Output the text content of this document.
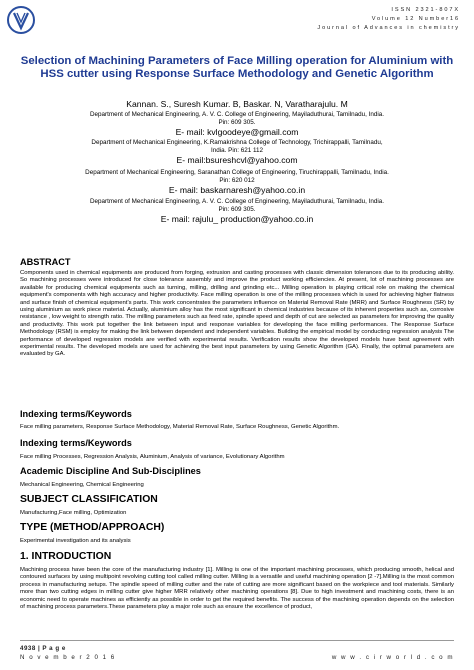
ISSN 2321-807X
Volume 12 Number16
Journal of Advances in chemistry
Selection of Machining Parameters of Face Milling operation for Aluminium with HSS cutter using Response Surface Methodology and Genetic Algorithm
Kannan. S., Suresh Kumar. B, Baskar. N, Varatharajulu. M
Department of Mechanical Engineering, A. V. C. College of Engineering, Mayiladuthurai, Tamilnadu, India.
Pin: 609 305.
E- mail: kvlgoodeye@gmail.com
Department of Mechanical Engineering, K.Ramakrishna College of Technology, Trichirappalli, Tamilnadu,
India. Pin: 621 112
E- mail:bsureshcvl@yahoo.com
Department of Mechanical Engineering, Saranathan College of Engineering, Tiruchirappalli, Tamilnadu, India.
Pin: 620 012
E- mail: baskarnaresh@yahoo.co.in
Department of Mechanical Engineering, A. V. C. College of Engineering, Mayiladuthurai, Tamilnadu, India.
Pin: 609 305.
E- mail: rajulu_ production@yahoo.co.in
ABSTRACT
Components used in chemical equipments are produced from forging, extrusion and casting processes with classic dimension tolerances due to its producing ability. So machining processes were introduced for close tolerance assembly and improve the product working efficiencies. At present, lot of machining processes are available for producing chemical equipments such as turning, milling, drilling and grinding etc... Milling operation is playing critical role on making the chemical equipment's components with high accuracy and higher productivity. Face milling operation is one of the milling processes which is used for achieving higher flatness and surface finish of chemical equipment's parts. This work concentrates the parameters influence on Material Removal Rate (MRR) and Surface Roughness (SR) by using aluminium as work piece material. Actually, aluminium alloy has the most significant in chemical industries because of its inherent properties such as, corrosive resistance , low weight to strength ratio. The milling parameters such as feed rate, spindle speed and depth of cut are selected as parameters for improving the quality and productivity. This work put together the link between input and response variables for developing the face milling performances. The Response Surface Methodology (RSM) is employ for making the link between dependent and independent variables. Building the empirical model by conducting regression analysis The performance of developed regression models are verified with experimental results. Verification results show the developed models have best agreement with experimental results. The developed models are used for achieving the best input parameters by using Genetic Algorithm (GA). Finally, the optimal parameters are evaluated by GA.
Indexing terms/Keywords
Face milling parameters, Response Surface Methodology, Material Removal Rate, Surface Roughness, Genetic Algorithm.
Indexing terms/Keywords
Face milling Processes, Regression Analysis, Aluminium, Analysis of variance, Evolutionary Algorithm
Academic Discipline And Sub-Disciplines
Mechanical Engineering, Chemical Engineering
SUBJECT CLASSIFICATION
Manufacturing,Face milling, Optimization
TYPE (METHOD/APPROACH)
Experimental investigation and its analysis
1. INTRODUCTION
Machining process have been the core of the manufacturing industry [1]. Milling is one of the important machining processes, which producing smooth, helical and contoured surfaces by using multipoint revolving cutting tool called milling cutter. Milling is a versatile and useful machining operation [2 -7].Milling is the most common process in manufacturing setups. The spindle speed of milling cutter and the rate of cutting are more significant based on the workpiece and tool materials. Similarly more than two cutting edges in milling cutter give higher MRR relatively other machining operations [8]. Due to high investment and machining costs, there is an economic need to operate machines as efficiently as possible in order to get the required benefits. The success of the machining operation depends on the selection of machining process parameters.These parameters play a major role such as ensure the excellence of product,
4938 | P a g e
N o v e m b e r 2 0 1 6	w w w . c i r w o r l d . c o m
